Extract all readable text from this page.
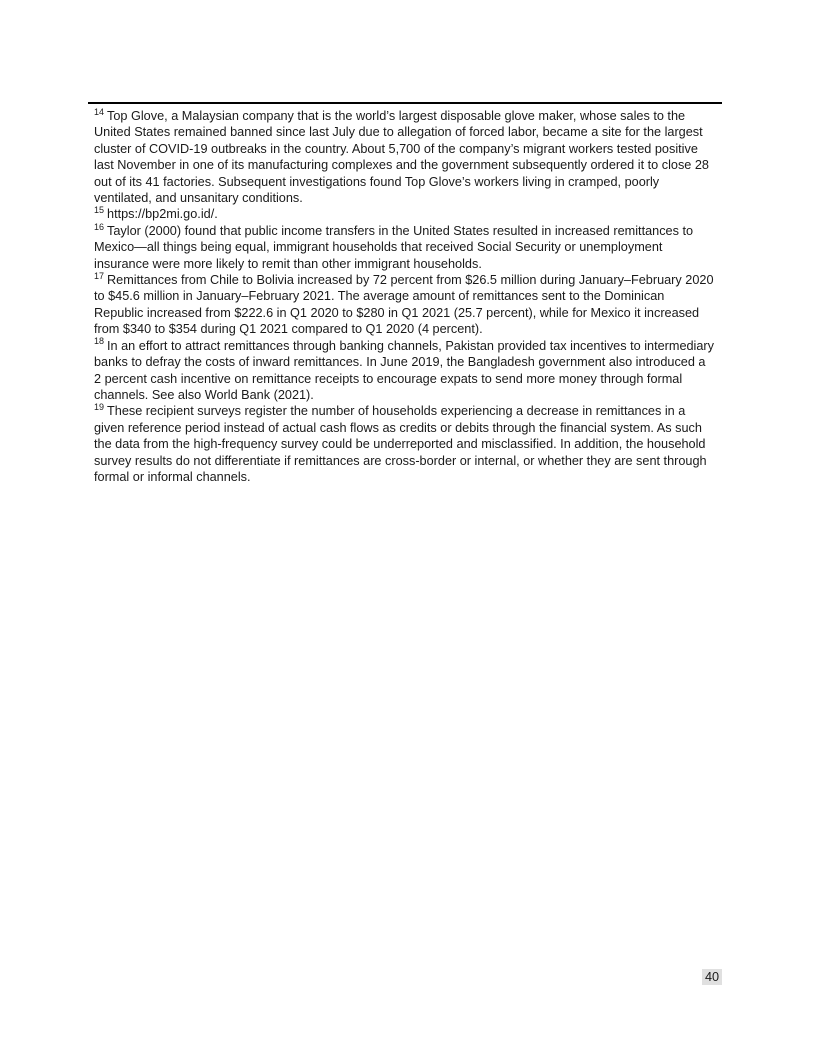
$^{14}$ Top Glove, a Malaysian company that is the world’s largest disposable glove maker, whose sales to the United States remained banned since last July due to allegation of forced labor, became a site for the largest cluster of COVID-19 outbreaks in the country. About 5,700 of the company’s migrant workers tested positive last November in one of its manufacturing complexes and the government subsequently ordered it to close 28 out of its 41 factories. Subsequent investigations found Top Glove’s workers living in cramped, poorly ventilated, and unsanitary conditions.

$^{15}$ https://bp2mi.go.id/.

$^{16}$ Taylor (2000) found that public income transfers in the United States resulted in increased remittances to Mexico—all things being equal, immigrant households that received Social Security or unemployment insurance were more likely to remit than other immigrant households.

$^{17}$ Remittances from Chile to Bolivia increased by 72 percent from $26.5 million during January–February 2020 to $45.6 million in January–February 2021. The average amount of remittances sent to the Dominican Republic increased from $222.6 in Q1 2020 to $280 in Q1 2021 (25.7 percent), while for Mexico it increased from $340 to $354 during Q1 2021 compared to Q1 2020 (4 percent).

$^{18}$ In an effort to attract remittances through banking channels, Pakistan provided tax incentives to intermediary banks to defray the costs of inward remittances. In June 2019, the Bangladesh government also introduced a 2 percent cash incentive on remittance receipts to encourage expats to send more money through formal channels. See also World Bank (2021).

$^{19}$ These recipient surveys register the number of households experiencing a decrease in remittances in a given reference period instead of actual cash flows as credits or debits through the financial system. As such the data from the high-frequency survey could be underreported and misclassified. In addition, the household survey results do not differentiate if remittances are cross-border or internal, or whether they are sent through formal or informal channels.

40
